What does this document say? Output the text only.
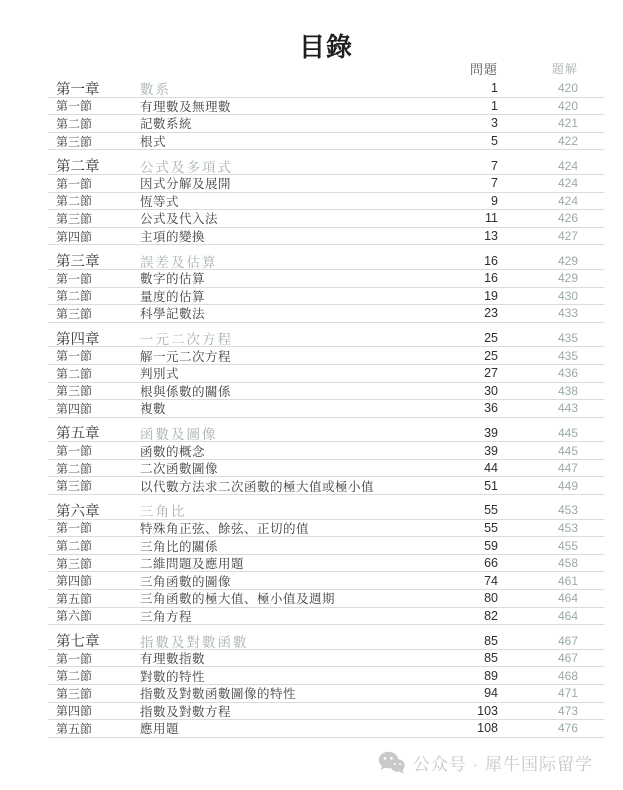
目錄
問題	題解
第一章	數系	1	420
第一節	有理數及無理數	1	420
第二節	記數系統	3	421
第三節	根式	5	422
第二章	公式及多項式	7	424
第一節	因式分解及展開	7	424
第二節	恆等式	9	424
第三節	公式及代入法	11	426
第四節	主項的變換	13	427
第三章	誤差及估算	16	429
第一節	數字的估算	16	429
第二節	量度的估算	19	430
第三節	科學記數法	23	433
第四章	一元二次方程	25	435
第一節	解一元二次方程	25	435
第二節	判別式	27	436
第三節	根與係數的關係	30	438
第四節	複數	36	443
第五章	函數及圖像	39	445
第一節	函數的概念	39	445
第二節	二次函數圖像	44	447
第三節	以代數方法求二次函數的極大值或極小值	51	449
第六章	三角比	55	453
第一節	特殊角正弦、餘弦、正切的值	55	453
第二節	三角比的關係	59	455
第三節	二維問題及應用題	66	458
第四節	三角函數的圖像	74	461
第五節	三角函數的極大值、極小值及週期	80	464
第六節	三角方程	82	464
第七章	指數及對數函數	85	467
第一節	有理數指數	85	467
第二節	對數的特性	89	468
第三節	指數及對數函數圖像的特性	94	471
第四節	指數及對數方程	103	473
第五節	應用題	108	476
公众号 · 犀牛国际留学
